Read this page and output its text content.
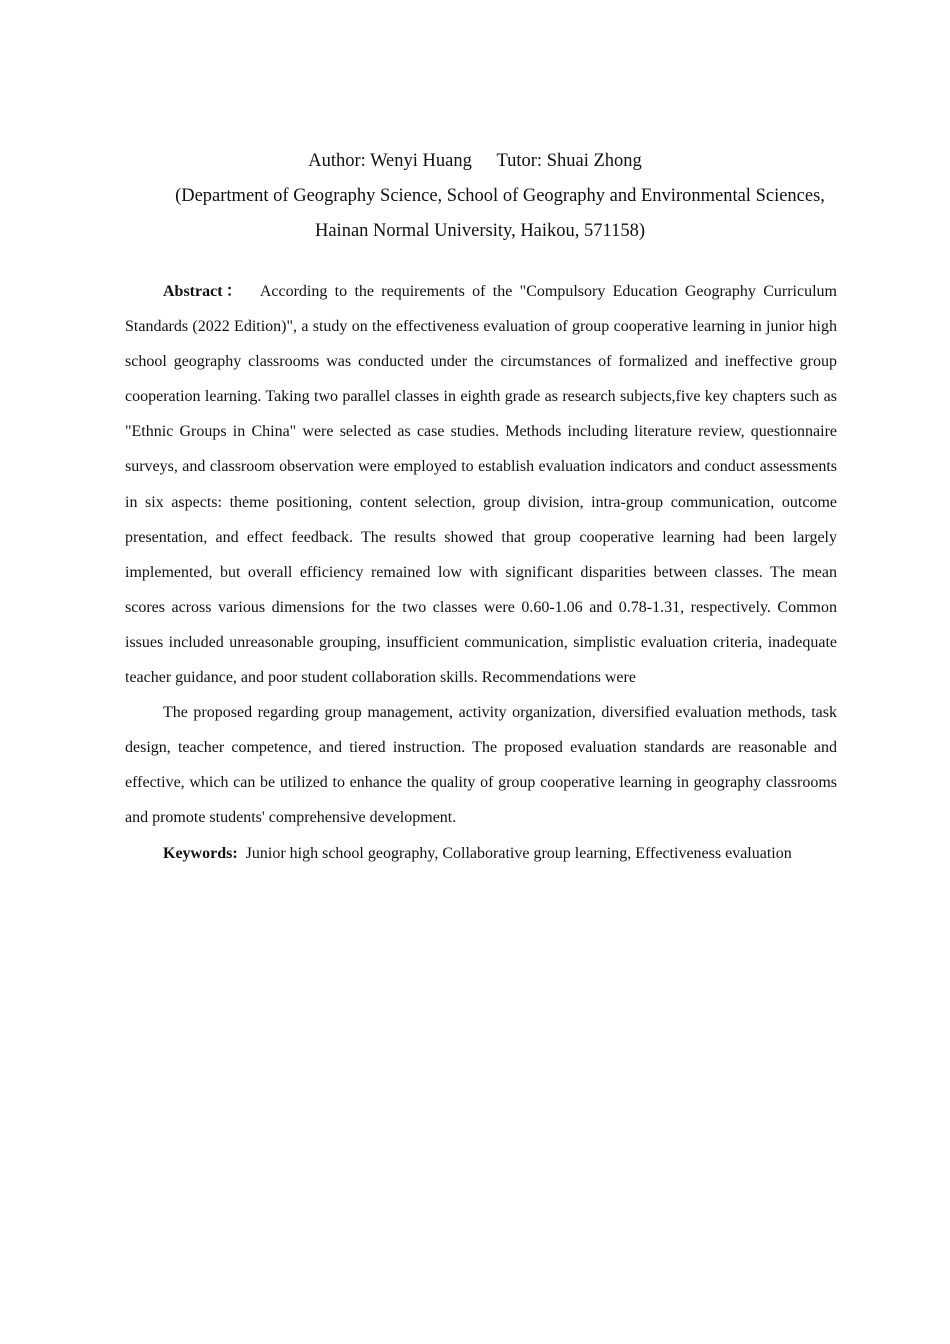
Author: Wenyi Huang Tutor: Shuai Zhong
(Department of Geography Science, School of Geography and Environmental Sciences,
Hainan Normal University, Haikou, 571158)

Abstract： According to the requirements of the "Compulsory Education Geography Curriculum Standards (2022 Edition)", a study on the effectiveness evaluation of group cooperative learning in junior high school geography classrooms was conducted under the circumstances of formalized and ineffective group cooperation learning. Taking two parallel classes in eighth grade as research subjects,five key chapters such as "Ethnic Groups in China" were selected as case studies. Methods including literature review, questionnaire surveys, and classroom observation were employed to establish evaluation indicators and conduct assessments in six aspects: theme positioning, content selection, group division, intra-group communication, outcome presentation, and effect feedback. The results showed that group cooperative learning had been largely implemented, but overall efficiency remained low with significant disparities between classes. The mean scores across various dimensions for the two classes were 0.60-1.06 and 0.78-1.31, respectively. Common issues included unreasonable grouping, insufficient communication, simplistic evaluation criteria, inadequate teacher guidance, and poor student collaboration skills. Recommendations were

The proposed regarding group management, activity organization, diversified evaluation methods, task design, teacher competence, and tiered instruction. The proposed evaluation standards are reasonable and effective, which can be utilized to enhance the quality of group cooperative learning in geography classrooms and promote students' comprehensive development.

Keywords: Junior high school geography, Collaborative group learning, Effectiveness evaluation
